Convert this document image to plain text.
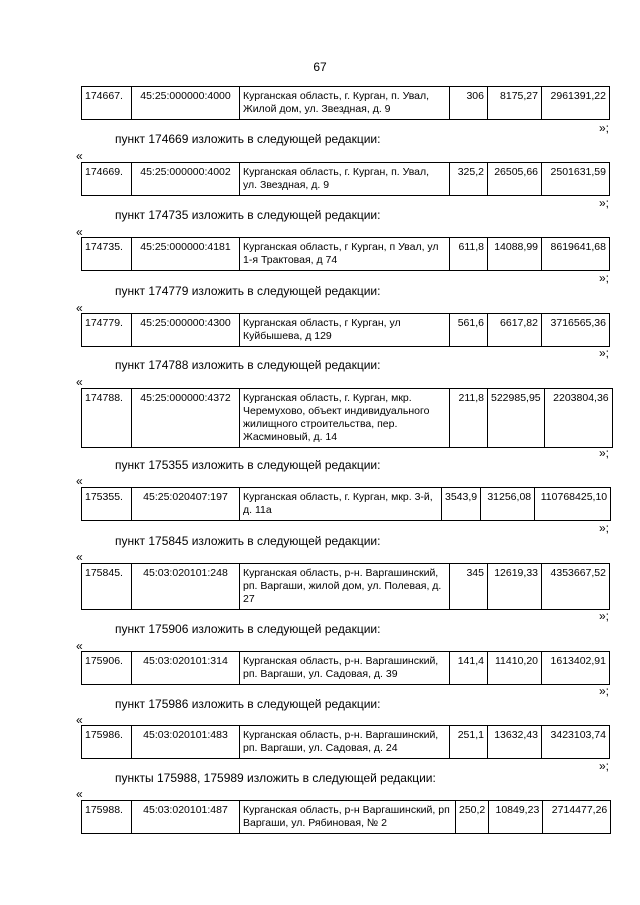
67
174667.	45:25:000000:4000	Курганская область, г. Курган, п. Увал, Жилой дом, ул. Звездная, д. 9	306	8175,27	2961391,22
»;
пункт 174669 изложить в следующей редакции:
«
174669.	45:25:000000:4002	Курганская область, г. Курган, п. Увал, ул. Звездная, д. 9	325,2	26505,66	2501631,59
»;
пункт 174735 изложить в следующей редакции:
«
174735.	45:25:000000:4181	Курганская область, г Курган, п Увал, ул 1-я Трактовая, д 74	611,8	14088,99	8619641,68
»;
пункт 174779 изложить в следующей редакции:
«
174779.	45:25:000000:4300	Курганская область, г Курган, ул Куйбышева, д 129	561,6	6617,82	3716565,36
»;
пункт 174788 изложить в следующей редакции:
«
174788.	45:25:000000:4372	Курганская область, г. Курган, мкр. Черемухово, объект индивидуального жилищного строительства, пер. Жасминовый, д. 14	211,8	522985,95	2203804,36
»;
пункт 175355 изложить в следующей редакции:
«
175355.	45:25:020407:197	Курганская область, г. Курган, мкр. 3-й, д. 11а	3543,9	31256,08	110768425,10
»;
пункт 175845 изложить в следующей редакции:
«
175845.	45:03:020101:248	Курганская область, р-н. Варгашинский, рп. Варгаши, жилой дом, ул. Полевая, д. 27	345	12619,33	4353667,52
»;
пункт 175906 изложить в следующей редакции:
«
175906.	45:03:020101:314	Курганская область, р-н. Варгашинский, рп. Варгаши, ул. Садовая, д. 39	141,4	11410,20	1613402,91
»;
пункт 175986 изложить в следующей редакции:
«
175986.	45:03:020101:483	Курганская область, р-н. Варгашинский, рп. Варгаши, ул. Садовая, д. 24	251,1	13632,43	3423103,74
»;
пункты 175988, 175989 изложить в следующей редакции:
«
175988.	45:03:020101:487	Курганская область, р-н Варгашинский, рп Варгаши, ул. Рябиновая, № 2	250,2	10849,23	2714477,26
